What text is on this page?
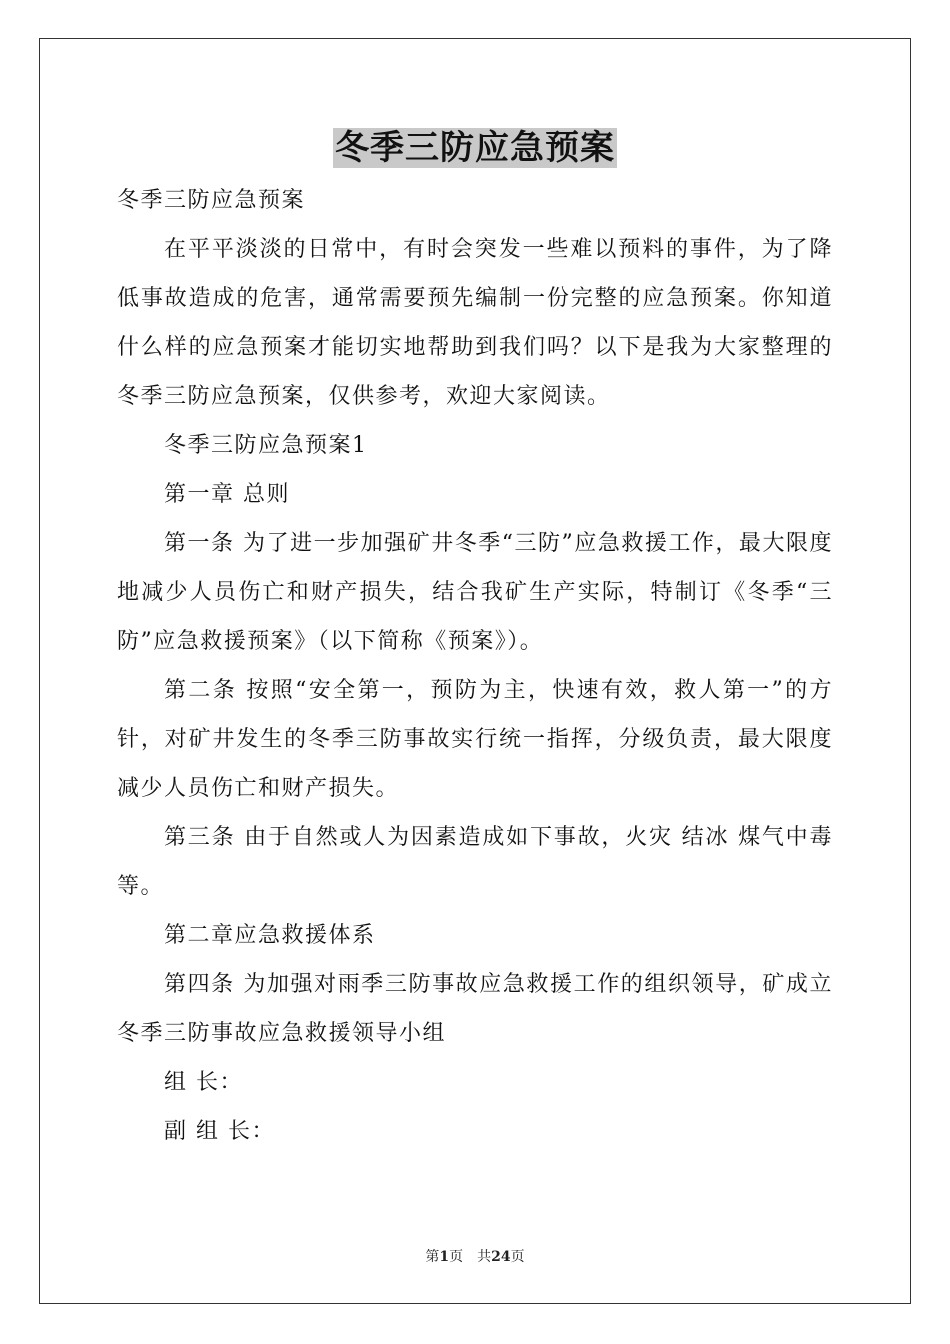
冬季三防应急预案

冬季三防应急预案

在平平淡淡的日常中，有时会突发一些难以预料的事件，为了降低事故造成的危害，通常需要预先编制一份完整的应急预案。你知道什么样的应急预案才能切实地帮助到我们吗？以下是我为大家整理的冬季三防应急预案，仅供参考，欢迎大家阅读。

冬季三防应急预案1

第一章 总则

第一条 为了进一步加强矿井冬季“三防”应急救援工作，最大限度地减少人员伤亡和财产损失，结合我矿生产实际，特制订《冬季“三防”应急救援预案》（以下简称《预案》）。

第二条 按照“安全第一，预防为主，快速有效，救人第一”的方针，对矿井发生的冬季三防事故实行统一指挥，分级负责，最大限度减少人员伤亡和财产损失。

第三条 由于自然或人为因素造成如下事故，火灾 结冰 煤气中毒等。

第二章应急救援体系

第四条 为加强对雨季三防事故应急救援工作的组织领导，矿成立冬季三防事故应急救援领导小组

组 长：

副 组 长：

第1页　共24页
